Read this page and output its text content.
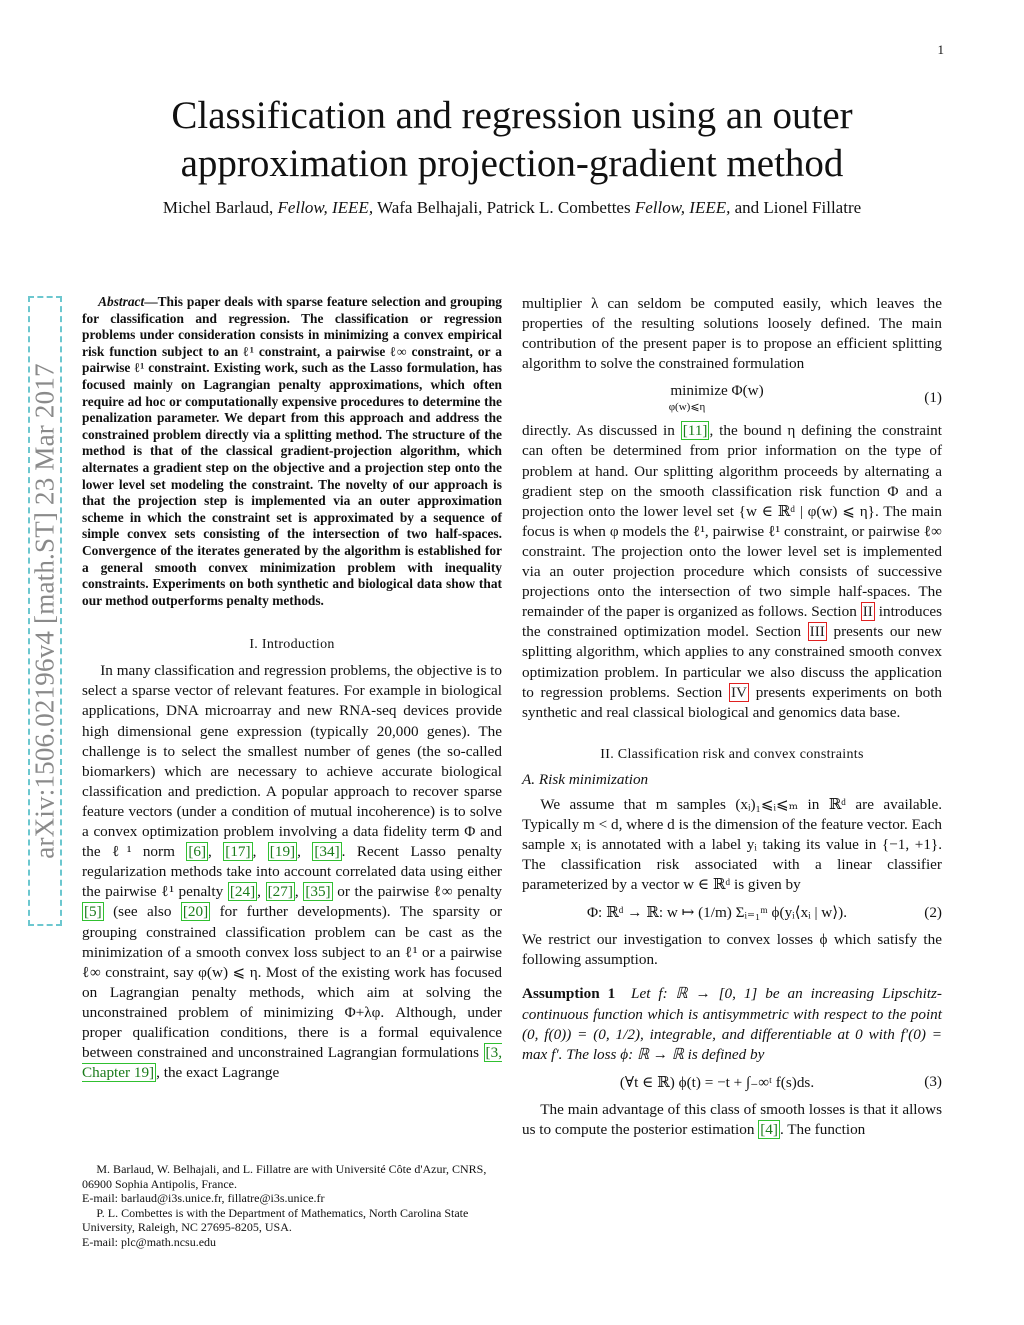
1
arXiv:1506.02196v4 [math.ST] 23 Mar 2017
Classification and regression using an outer approximation projection-gradient method
Michel Barlaud, Fellow, IEEE, Wafa Belhajali, Patrick L. Combettes Fellow, IEEE, and Lionel Fillatre
Abstract—This paper deals with sparse feature selection and grouping for classification and regression. The classification or regression problems under consideration consists in minimizing a convex empirical risk function subject to an ℓ¹ constraint, a pairwise ℓ∞ constraint, or a pairwise ℓ¹ constraint. Existing work, such as the Lasso formulation, has focused mainly on Lagrangian penalty approximations, which often require ad hoc or computationally expensive procedures to determine the penalization parameter. We depart from this approach and address the constrained problem directly via a splitting method. The structure of the method is that of the classical gradient-projection algorithm, which alternates a gradient step on the objective and a projection step onto the lower level set modeling the constraint. The novelty of our approach is that the projection step is implemented via an outer approximation scheme in which the constraint set is approximated by a sequence of simple convex sets consisting of the intersection of two half-spaces. Convergence of the iterates generated by the algorithm is established for a general smooth convex minimization problem with inequality constraints. Experiments on both synthetic and biological data show that our method outperforms penalty methods.
I. Introduction

In many classification and regression problems, the objective is to select a sparse vector of relevant features. For example in biological applications, DNA microarray and new RNA-seq devices provide high dimensional gene expression (typically 20,000 genes). The challenge is to select the smallest number of genes (the so-called biomarkers) which are necessary to achieve accurate biological classification and prediction. A popular approach to recover sparse feature vectors (under a condition of mutual incoherence) is to solve a convex optimization problem involving a data fidelity term Φ and the ℓ¹ norm [6] , [17] , [19] , [34] . Recent Lasso penalty regularization methods take into account correlated data using either the pairwise ℓ¹ penalty [24] , [27] , [35] or the pairwise ℓ∞ penalty [5] (see also [20] for further developments). The sparsity or grouping constrained classification problem can be cast as the minimization of a smooth convex loss subject to an ℓ¹ or a pairwise ℓ∞ constraint, say φ(w) ⩽ η. Most of the existing work has focused on Lagrangian penalty methods, which aim at solving the unconstrained problem of minimizing Φ+λφ. Although, under proper qualification conditions, there is a formal equivalence between constrained and unconstrained Lagrangian formulations [3, Chapter 19] , the exact Lagrange

M. Barlaud, W. Belhajali, and L. Fillatre are with Université Côte d'Azur, CNRS, 06900 Sophia Antipolis, France.
E-mail: barlaud@i3s.unice.fr, fillatre@i3s.unice.fr
P. L. Combettes is with the Department of Mathematics, North Carolina State University, Raleigh, NC 27695-8205, USA.
E-mail: plc@math.ncsu.edu

multiplier λ can seldom be computed easily, which leaves the properties of the resulting solutions loosely defined. The main contribution of the present paper is to propose an efficient splitting algorithm to solve the constrained formulation

minimize Φ(w)
φ(w)⩽η
(1)

directly. As discussed in [11] , the bound η defining the constraint can often be determined from prior information on the type of problem at hand. Our splitting algorithm proceeds by alternating a gradient step on the smooth classification risk function Φ and a projection onto the lower level set {w ∈ ℝᵈ | φ(w) ⩽ η}. The main focus is when φ models the ℓ¹, pairwise ℓ¹ constraint, or pairwise ℓ∞ constraint. The projection onto the lower level set is implemented via an outer projection procedure which consists of successive projections onto the intersection of two simple half-spaces. The remainder of the paper is organized as follows. Section II introduces the constrained optimization model. Section III presents our new splitting algorithm, which applies to any constrained smooth convex optimization problem. In particular we also discuss the application to regression problems. Section IV presents experiments on both synthetic and real classical biological and genomics data base.

II. Classification risk and convex constraints
A. Risk minimization

We assume that m samples (xᵢ)₁⩽ᵢ⩽ₘ in ℝᵈ are available. Typically m < d, where d is the dimension of the feature vector. Each sample xᵢ is annotated with a label yᵢ taking its value in {−1, +1}. The classification risk associated with a linear classifier parameterized by a vector w ∈ ℝᵈ is given by

Φ: ℝᵈ → ℝ: w ↦ (1/m) Σᵢ₌₁ᵐ ϕ(yᵢ⟨xᵢ | w⟩).	(2)

We restrict our investigation to convex losses ϕ which satisfy the following assumption.

Assumption 1 Let f: ℝ → [0, 1] be an increasing Lipschitz-continuous function which is antisymmetric with respect to the point (0, f(0)) = (0, 1/2), integrable, and differentiable at 0 with f′(0) = max f′. The loss ϕ: ℝ → ℝ is defined by

(∀t ∈ ℝ) ϕ(t) = −t + ∫₋∞ᵗ f(s)ds.	(3)

The main advantage of this class of smooth losses is that it allows us to compute the posterior estimation [4] . The function
